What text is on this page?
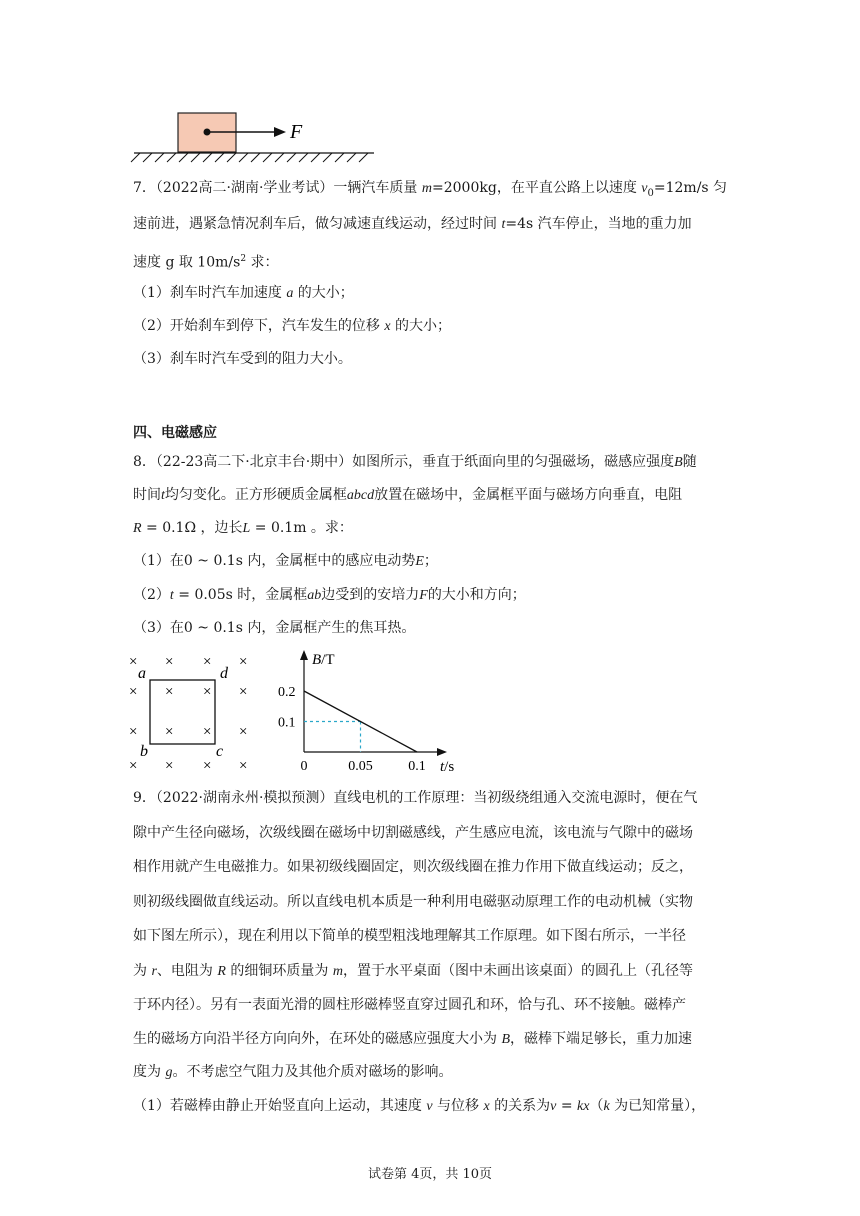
F
7．（2022高二·湖南·学业考试）一辆汽车质量 m=2000kg，在平直公路上以速度 $v_0=12m/s$ 匀
速前进，遇紧急情况刹车后，做匀减速直线运动，经过时间 t=4s 汽车停止，当地的重力加
速度 g 取 $10m/s^2$ 求：
（1）刹车时汽车加速度 a 的大小；
（2）开始刹车到停下，汽车发生的位移 x 的大小；
（3）刹车时汽车受到的阻力大小。
四、电磁感应
8．（22-23高二下·北京丰台·期中）如图所示，垂直于纸面向里的匀强磁场，磁感应强度B随
时间t均匀变化。正方形硬质金属框abcd放置在磁场中，金属框平面与磁场方向垂直，电阻
R = 0.1Ω ，边长L = 0.1m 。求：
（1）在0 ~ 0.1s 内，金属框中的感应电动势E；
（2）t = 0.05s 时，金属框ab边受到的安培力F的大小和方向；
（3）在0 ~ 0.1s 内，金属框产生的焦耳热。
× × × ×
× × × ×
× × × ×
× × × ×
a	d
b	c
B/T
t/s
0.2
0.1
0	0.05	0.1
9．（2022·湖南永州·模拟预测）直线电机的工作原理：当初级绕组通入交流电源时，便在气
隙中产生径向磁场，次级线圈在磁场中切割磁感线，产生感应电流，该电流与气隙中的磁场
相作用就产生电磁推力。如果初级线圈固定，则次级线圈在推力作用下做直线运动；反之，
则初级线圈做直线运动。所以直线电机本质是一种利用电磁驱动原理工作的电动机械（实物
如下图左所示），现在利用以下简单的模型粗浅地理解其工作原理。如下图右所示，一半径
为 r、电阻为 R 的细铜环质量为 m，置于水平桌面（图中未画出该桌面）的圆孔上（孔径等
于环内径）。另有一表面光滑的圆柱形磁棒竖直穿过圆孔和环，恰与孔、环不接触。磁棒产
生的磁场方向沿半径方向向外，在环处的磁感应强度大小为 B，磁棒下端足够长，重力加速
度为 g。不考虑空气阻力及其他介质对磁场的影响。
（1）若磁棒由静止开始竖直向上运动，其速度 v 与位移 x 的关系为v = kx（k 为已知常量），
试卷第 4页，共 10页
